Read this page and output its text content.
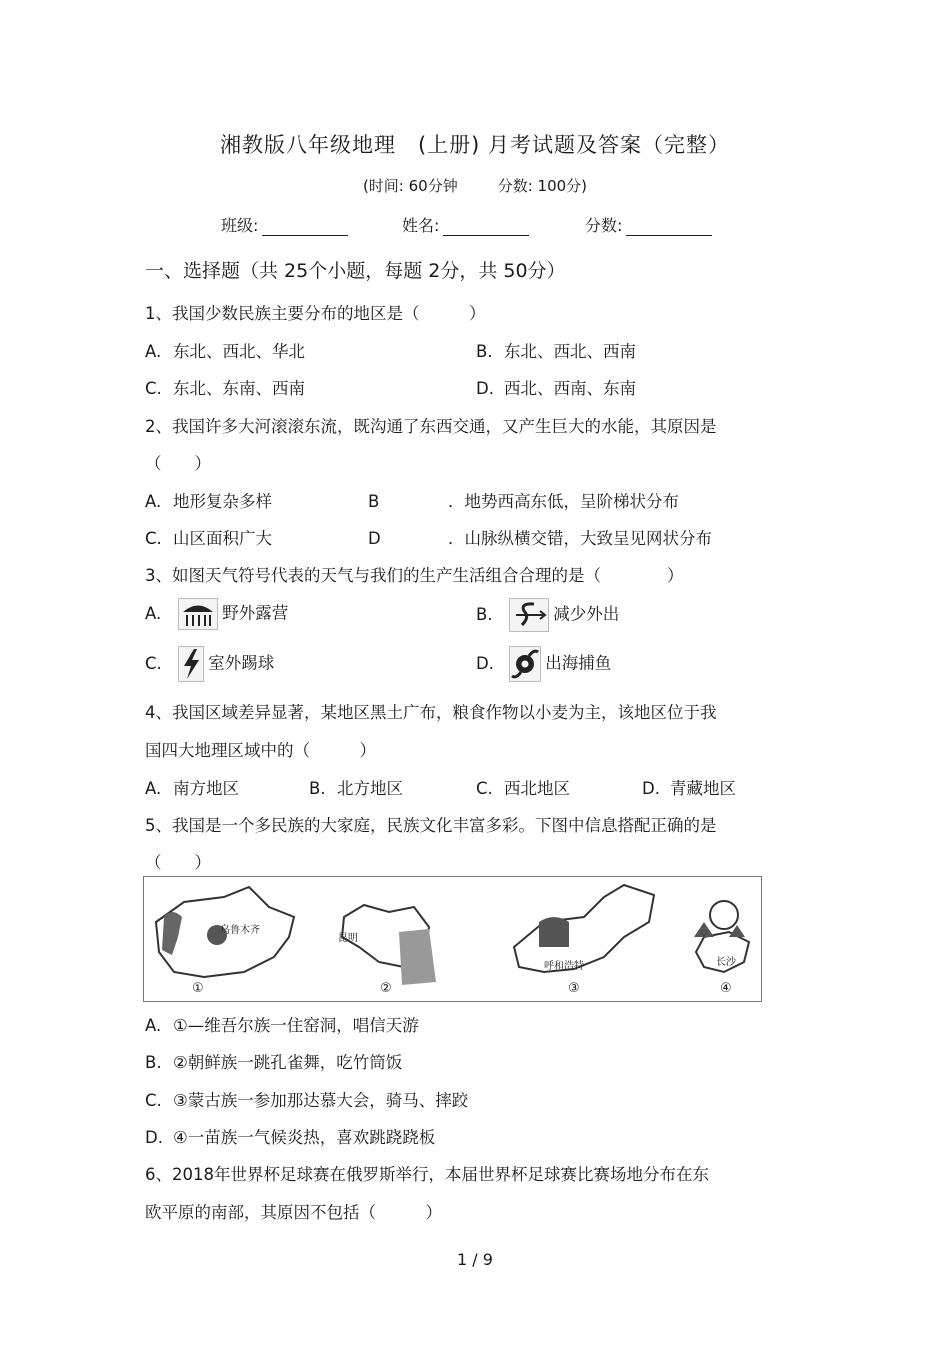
湘教版八年级地理　(上册) 月考试题及答案（完整）
(时间: 60分钟	分数: 100分)
班级:	姓名:	分数:
一、选择题（共 25个小题，每题 2分，共 50分）
1、我国少数民族主要分布的地区是（　　　）
A. 东北、西北、华北	B. 东北、西北、西南
C. 东北、东南、西南	D. 西北、西南、东南
2、我国许多大河滚滚东流，既沟通了东西交通，又产生巨大的水能，其原因是
（　　）
A. 地形复杂多样	B	．地势西高东低，呈阶梯状分布
C. 山区面积广大	D	．山脉纵横交错，大致呈见网状分布
3、如图天气符号代表的天气与我们的生产生活组合合理的是（　　　　）
A.	野外露营	B.	减少外出
C.	室外踢球	D.	出海捕鱼
4、我国区域差异显著，某地区黑土广布，粮食作物以小麦为主，该地区位于我
国四大地理区域中的（　　　）
A. 南方地区	B. 北方地区	C. 西北地区	D. 青藏地区
5、我国是一个多民族的大家庭，民族文化丰富多彩。下图中信息搭配正确的是
（　　）
乌鲁木齐
昆明
呼和浩特	长沙
①	②	③	④
A. ①—维吾尔族一住窑洞，唱信天游
B. ②朝鲜族一跳孔雀舞，吃竹筒饭
C. ③蒙古族一参加那达慕大会，骑马、摔跤
D. ④一苗族一气候炎热，喜欢跳跷跷板
6、2018年世界杯足球赛在俄罗斯举行，本届世界杯足球赛比赛场地分布在东
欧平原的南部，其原因不包括（　　　）
1 / 9
